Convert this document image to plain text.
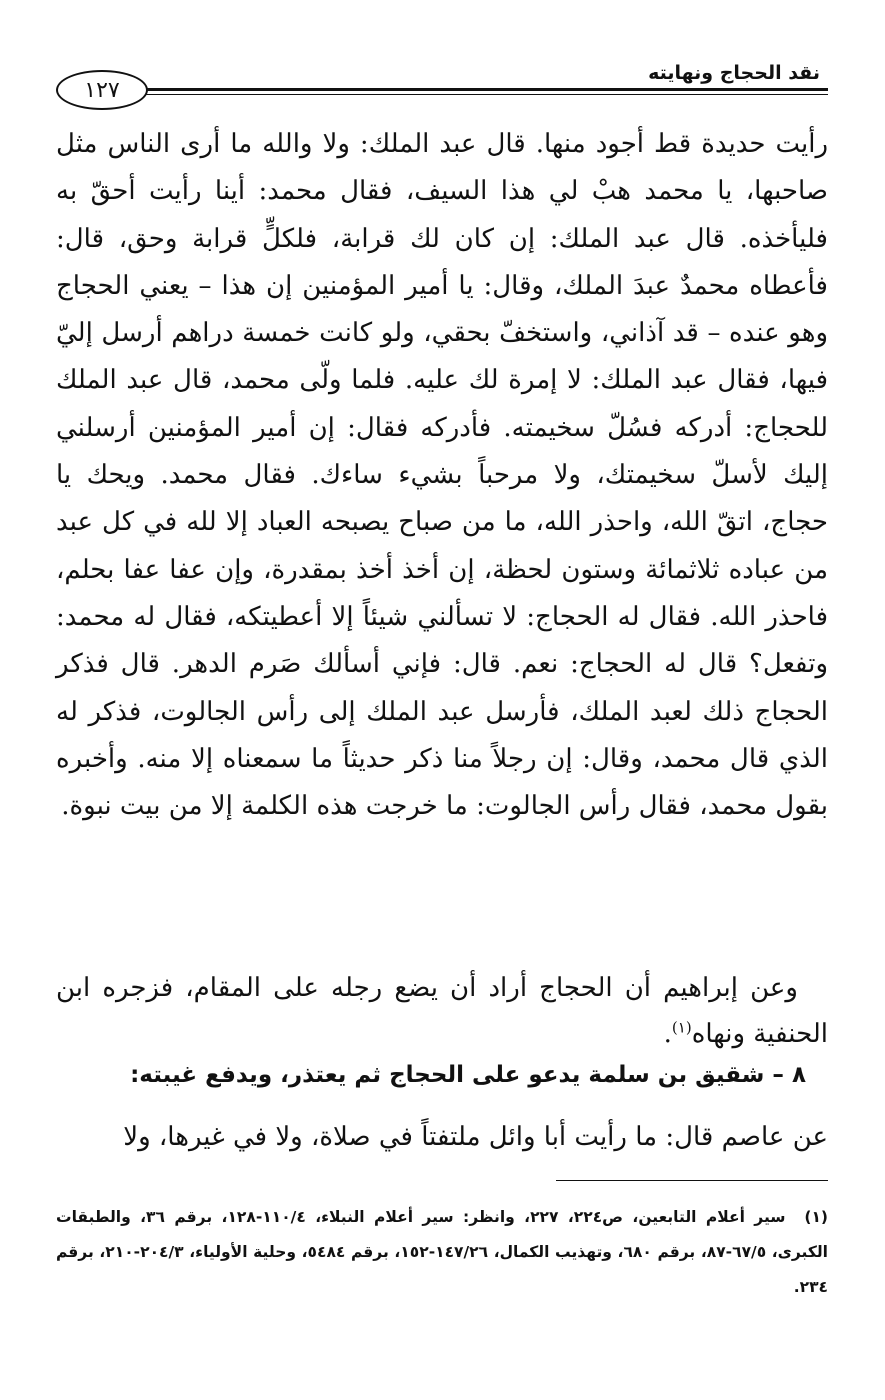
نقد الحجاج ونهايته
١٢٧

رأيت حديدة قط أجود منها. قال عبد الملك: ولا والله ما أرى الناس مثل صاحبها، يا محمد هبْ لي هذا السيف، فقال محمد: أينا رأيت أحقّ به فليأخذه. قال عبد الملك: إن كان لك قرابة، فلكلٍّ قرابة وحق، قال: فأعطاه محمدٌ عبدَ الملك، وقال: يا أمير المؤمنين إن هذا – يعني الحجاج وهو عنده – قد آذاني، واستخفّ بحقي، ولو كانت خمسة دراهم أرسل إليّ فيها، فقال عبد الملك: لا إمرة لك عليه. فلما ولّى محمد، قال عبد الملك للحجاج: أدركه فسُلّ سخيمته. فأدركه فقال: إن أمير المؤمنين أرسلني إليك لأسلّ سخيمتك، ولا مرحباً بشيء ساءك. فقال محمد. ويحك يا حجاج، اتقّ الله، واحذر الله، ما من صباح يصبحه العباد إلا لله في كل عبد من عباده ثلاثمائة وستون لحظة، إن أخذ أخذ بمقدرة، وإن عفا عفا بحلم، فاحذر الله. فقال له الحجاج: لا تسألني شيئاً إلا أعطيتكه، فقال له محمد: وتفعل؟ قال له الحجاج: نعم. قال: فإني أسألك صَرم الدهر. قال فذكر الحجاج ذلك لعبد الملك، فأرسل عبد الملك إلى رأس الجالوت، فذكر له الذي قال محمد، وقال: إن رجلاً منا ذكر حديثاً ما سمعناه إلا منه. وأخبره بقول محمد، فقال رأس الجالوت: ما خرجت هذه الكلمة إلا من بيت نبوة.

وعن إبراهيم أن الحجاج أراد أن يضع رجله على المقام، فزجره ابن الحنفية ونهاه$^{(١)}$.

٨ – شقيق بن سلمة يدعو على الحجاج ثم يعتذر، ويدفع غيبته:

عن عاصم قال: ما رأيت أبا وائل ملتفتاً في صلاة، ولا في غيرها، ولا

(١)  سير أعلام التابعين، ص٢٢٤، ٢٢٧، وانظر: سير أعلام النبلاء، ١١٠/٤-١٢٨، برقم ٣٦، والطبقات الكبرى، ٦٧/٥-٨٧، برقم ٦٨٠، وتهذيب الكمال، ١٤٧/٢٦-١٥٢، برقم ٥٤٨٤، وحلية الأولياء، ٢٠٤/٣-٢١٠، برقم ٢٣٤.
